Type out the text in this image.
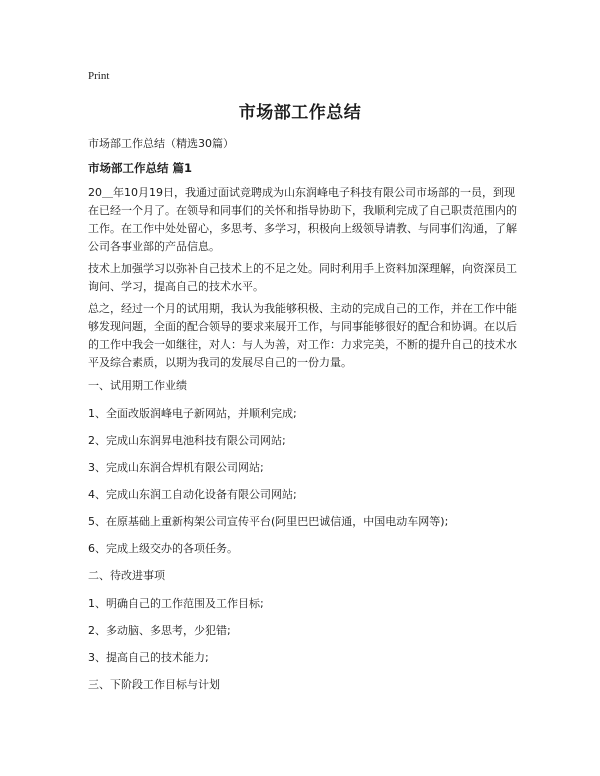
Print
市场部工作总结
市场部工作总结（精选30篇）
市场部工作总结 篇1
20＿年10月19日，我通过面试竞聘成为山东润峰电子科技有限公司市场部的一员，到现在已经一个月了。在领导和同事们的关怀和指导协助下，我顺利完成了自己职责范围内的工作。在工作中处处留心，多思考、多学习，积极向上级领导请教、与同事们沟通，了解公司各事业部的产品信息。
技术上加强学习以弥补自己技术上的不足之处。同时利用手上资料加深理解，向资深员工询问、学习，提高自己的技术水平。
总之，经过一个月的试用期，我认为我能够积极、主动的完成自己的工作，并在工作中能够发现问题，全面的配合领导的要求来展开工作，与同事能够很好的配合和协调。在以后的工作中我会一如继往，对人：与人为善，对工作：力求完美，不断的提升自己的技术水平及综合素质，以期为我司的发展尽自己的一份力量。
一、试用期工作业绩
1、全面改版润峰电子新网站，并顺利完成;
2、完成山东润昇电池科技有限公司网站;
3、完成山东润合焊机有限公司网站;
4、完成山东润工自动化设备有限公司网站;
5、在原基础上重新构架公司宣传平台(阿里巴巴诚信通，中国电动车网等);
6、完成上级交办的各项任务。
二、待改进事项
1、明确自己的工作范围及工作目标;
2、多动脑、多思考，少犯错;
3、提高自己的技术能力;
三、下阶段工作目标与计划
